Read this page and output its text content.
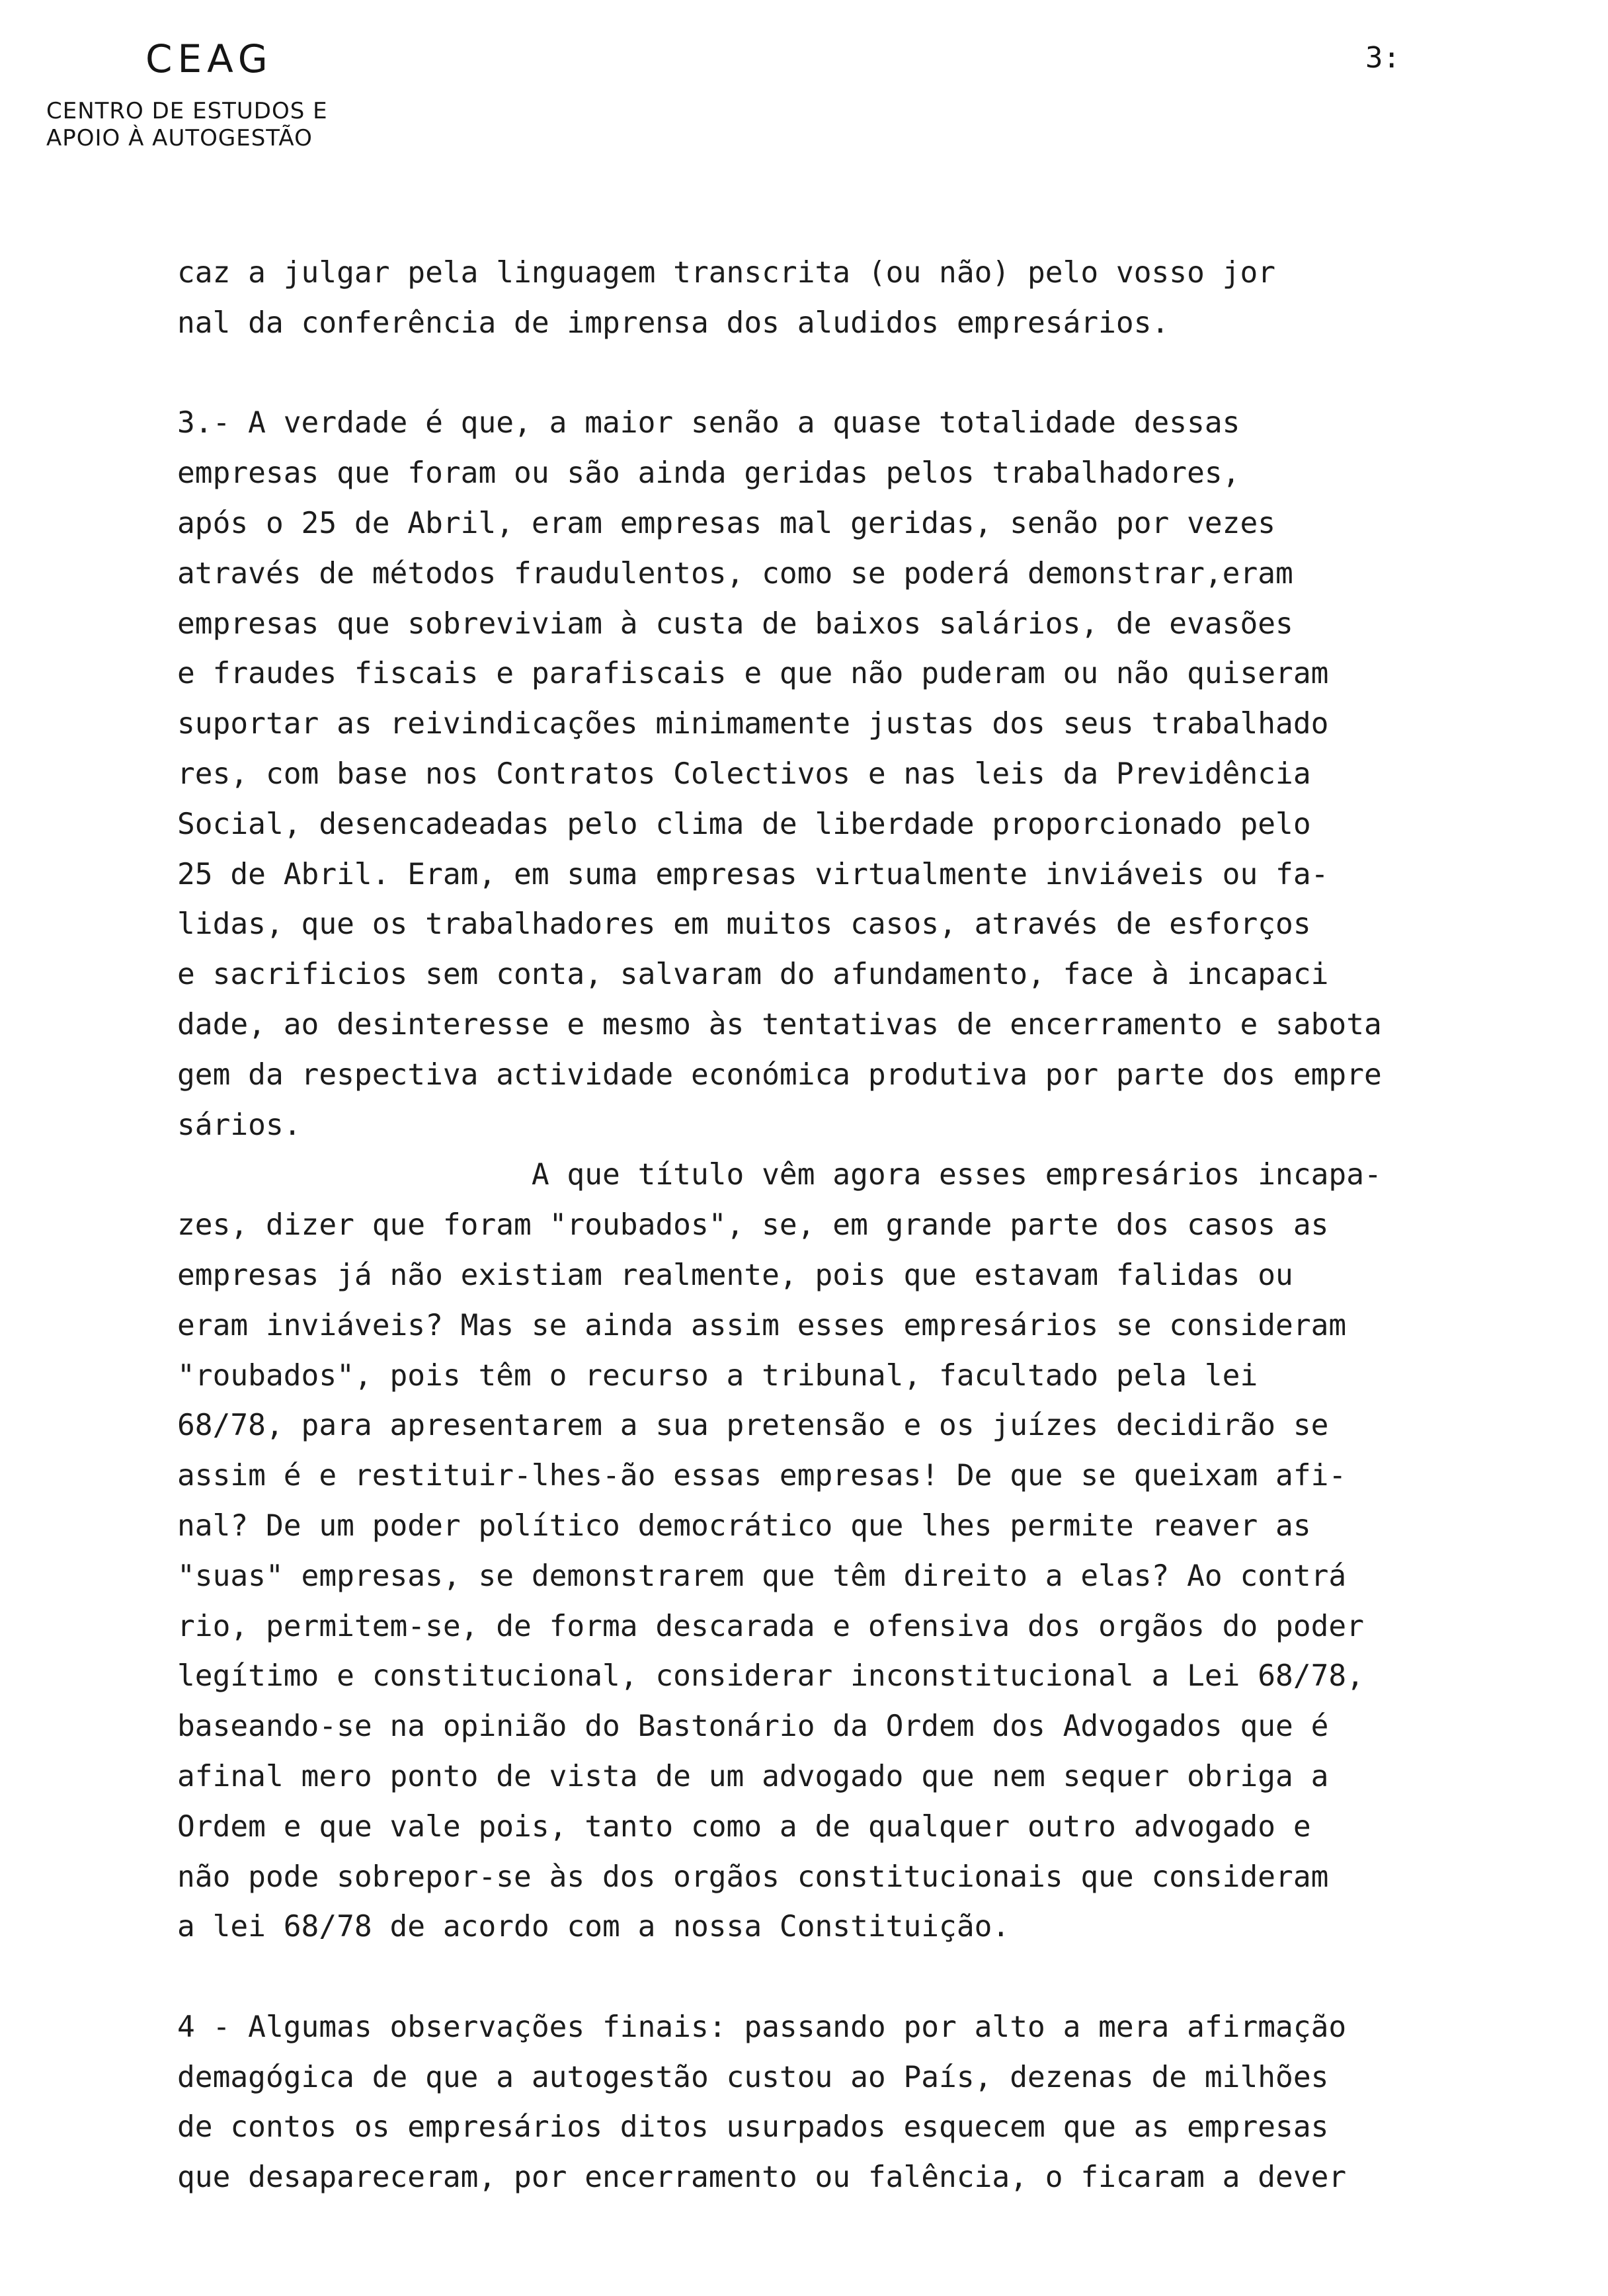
CEAG
CENTRO DE ESTUDOS E
APOIO À AUTOGESTÃO
3:
caz a julgar pela linguagem transcrita (ou não) pelo vosso jor
nal da conferência de imprensa dos aludidos empresários.
3.- A verdade é que, a maior senão a quase totalidade dessas
empresas que foram ou são ainda geridas pelos trabalhadores,
após o 25 de Abril, eram empresas mal geridas, senão por vezes
através de métodos fraudulentos, como se poderá demonstrar,eram
empresas que sobreviviam à custa de baixos salários, de evasões
e fraudes fiscais e parafiscais e que não puderam ou não quiseram
suportar as reivindicações minimamente justas dos seus trabalhado
res, com base nos Contratos Colectivos e nas leis da Previdência
Social, desencadeadas pelo clima de liberdade proporcionado pelo
25 de Abril. Eram, em suma empresas virtualmente inviáveis ou fa-
lidas, que os trabalhadores em muitos casos, através de esforços
e sacrificios sem conta, salvaram do afundamento, face à incapaci
dade, ao desinteresse e mesmo às tentativas de encerramento e sabota
gem da respectiva actividade económica produtiva por parte dos empre
sários.
A que título vêm agora esses empresários incapa-
zes, dizer que foram "roubados", se, em grande parte dos casos as
empresas já não existiam realmente, pois que estavam falidas ou
eram inviáveis? Mas se ainda assim esses empresários se consideram
"roubados", pois têm o recurso a tribunal, facultado pela lei
68/78, para apresentarem a sua pretensão e os juízes decidirão se
assim é e restituir-lhes-ão essas empresas! De que se queixam afi-
nal? De um poder político democrático que lhes permite reaver as
"suas" empresas, se demonstrarem que têm direito a elas? Ao contrá
rio, permitem-se, de forma descarada e ofensiva dos orgãos do poder
legítimo e constitucional, considerar inconstitucional a Lei 68/78,
baseando-se na opinião do Bastonário da Ordem dos Advogados que é
afinal mero ponto de vista de um advogado que nem sequer obriga a
Ordem e que vale pois, tanto como a de qualquer outro advogado e
não pode sobrepor-se às dos orgãos constitucionais que consideram
a lei 68/78 de acordo com a nossa Constituição.
4 - Algumas observações finais: passando por alto a mera afirmação
demagógica de que a autogestão custou ao País, dezenas de milhões
de contos os empresários ditos usurpados esquecem que as empresas
que desapareceram, por encerramento ou falência, o ficaram a dever
